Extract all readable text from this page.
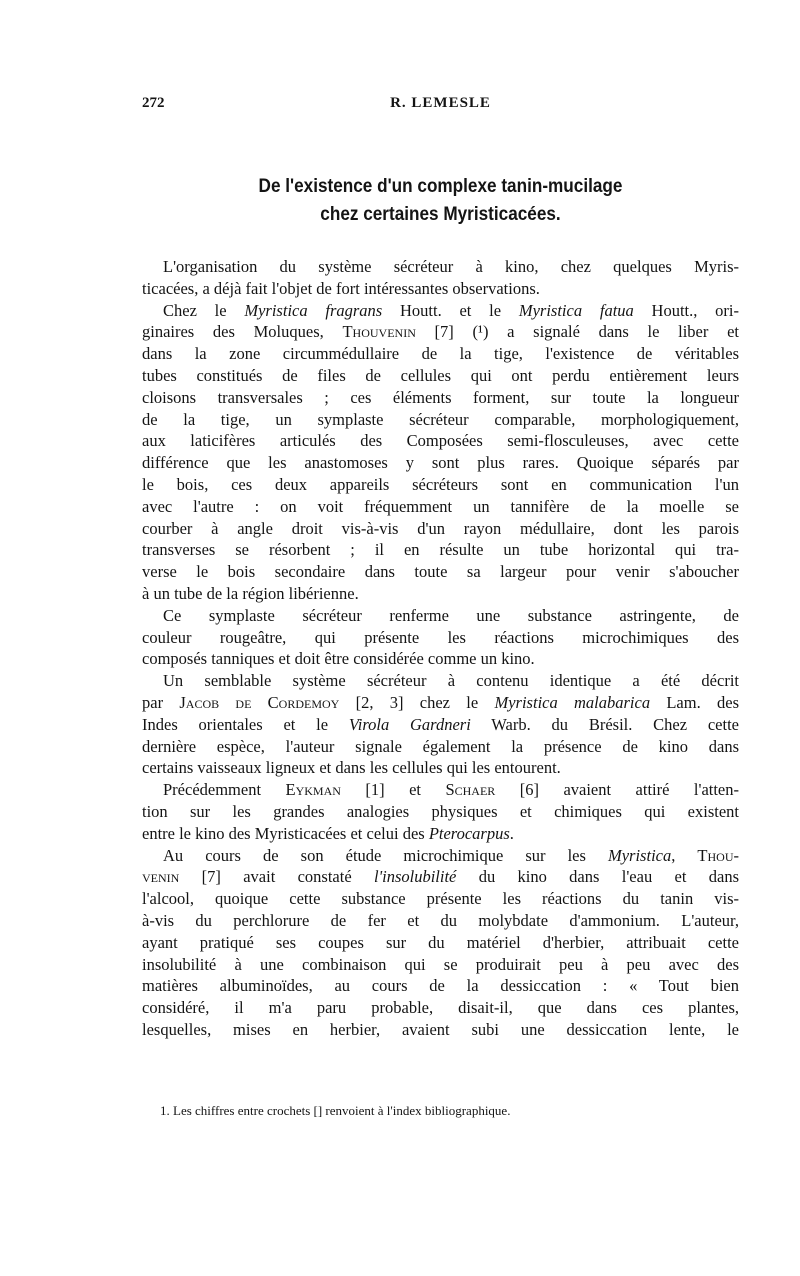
272	R. LEMESLE
De l'existence d'un complexe tanin-mucilage
chez certaines Myristicacées.
L'organisation du système sécréteur à kino, chez quelques Myris-
ticacées, a déjà fait l'objet de fort intéressantes observations.
Chez le Myristica fragrans Houtt. et le Myristica fatua Houtt., ori-
ginaires des Moluques, Thouvenin [7] (¹) a signalé dans le liber et
dans la zone circummédullaire de la tige, l'existence de véritables
tubes constitués de files de cellules qui ont perdu entièrement leurs
cloisons transversales ; ces éléments forment, sur toute la longueur
de la tige, un symplaste sécréteur comparable, morphologiquement,
aux laticifères articulés des Composées semi-flosculeuses, avec cette
différence que les anastomoses y sont plus rares. Quoique séparés par
le bois, ces deux appareils sécréteurs sont en communication l'un
avec l'autre : on voit fréquemment un tannifère de la moelle se
courber à angle droit vis-à-vis d'un rayon médullaire, dont les parois
transverses se résorbent ; il en résulte un tube horizontal qui tra-
verse le bois secondaire dans toute sa largeur pour venir s'aboucher
à un tube de la région libérienne.
Ce symplaste sécréteur renferme une substance astringente, de
couleur rougeâtre, qui présente les réactions microchimiques des
composés tanniques et doit être considérée comme un kino.
Un semblable système sécréteur à contenu identique a été décrit
par Jacob de Cordemoy [2, 3] chez le Myristica malabarica Lam. des
Indes orientales et le Virola Gardneri Warb. du Brésil. Chez cette
dernière espèce, l'auteur signale également la présence de kino dans
certains vaisseaux ligneux et dans les cellules qui les entourent.
Précédemment Eykman [1] et Schaer [6] avaient attiré l'atten-
tion sur les grandes analogies physiques et chimiques qui existent
entre le kino des Myristicacées et celui des Pterocarpus.
Au cours de son étude microchimique sur les Myristica, Thou-
venin [7] avait constaté l'insolubilité du kino dans l'eau et dans
l'alcool, quoique cette substance présente les réactions du tanin vis-
à-vis du perchlorure de fer et du molybdate d'ammonium. L'auteur,
ayant pratiqué ses coupes sur du matériel d'herbier, attribuait cette
insolubilité à une combinaison qui se produirait peu à peu avec des
matières albuminoïdes, au cours de la dessiccation : « Tout bien
considéré, il m'a paru probable, disait-il, que dans ces plantes,
lesquelles, mises en herbier, avaient subi une dessiccation lente, le
1. Les chiffres entre crochets [] renvoient à l'index bibliographique.
